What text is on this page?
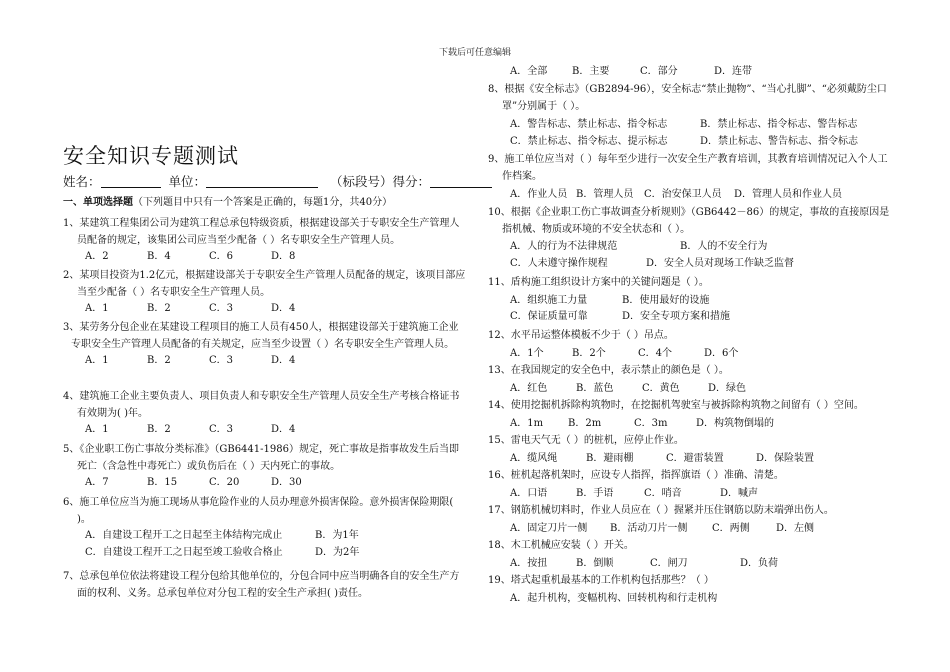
下载后可任意编辑
安全知识专题测试
姓名：	单位：	（标段号）得分：
一、单项选择题（下列题目中只有一个答案是正确的，每题1分，共40分）
1、某建筑工程集团公司为建筑工程总承包特级资质，根据建设部关于专职安全生产管理人员配备的规定，该集团公司应当至少配备（ ）名专职安全生产管理人员。
A．2	B．4	C．6	D．8
2、某项目投资为1.2亿元，根据建设部关于专职安全生产管理人员配备的规定，该项目部应当至少配备（ ）名专职安全生产管理人员。
A．1	B．2	C．3	D．4
3、某劳务分包企业在某建设工程项目的施工人员有450人，根据建设部关于建筑施工企业
专职安全生产管理人员配备的有关规定，应当至少设置（ ）名专职安全生产管理人员。
A．1	B．2	C．3	D．4
4、建筑施工企业主要负责人、项目负责人和专职安全生产管理人员安全生产考核合格证书有效期为( )年。
A．1	B．2	C．3	D．4
5、《企业职工伤亡事故分类标准》（GB6441-1986）规定，死亡事故是指事故发生后当即死亡（含急性中毒死亡）或负伤后在（ ）天内死亡的事故。
A．7	B．15	C．20	D．30
6、施工单位应当为施工现场从事危险作业的人员办理意外损害保险。意外损害保险期限( )。
A．自建设工程开工之日起至主体结构完成止	B．为1年
C．自建设工程开工之日起至竣工验收合格止	D．为2年
7、总承包单位依法将建设工程分包给其他单位的，分包合同中应当明确各自的安全生产方面的权利、义务。总承包单位对分包工程的安全生产承担( )责任。
A．全部	B．主要	C．部分	D．连带
8、根据《安全标志》（GB2894-96），安全标志“禁止抛物”、“当心扎脚”、“必须戴防尘口罩”分别属于（ ）。
A．警告标志、禁止标志、指令标志	B．禁止标志、指令标志、警告标志
C．禁止标志、指令标志、提示标志	D．禁止标志、警告标志、指令标志
9、施工单位应当对（ ）每年至少进行一次安全生产教育培训，其教育培训情况记入个人工作档案。
A．作业人员 B．管理人员	C．治安保卫人员	D．管理人员和作业人员
10、根据《企业职工伤亡事故调查分析规则》（GB6442－86）的规定，事故的直接原因是指机械、物质或环境的不安全状态和（ ）。
A．人的行为不法律规范	B．人的不安全行为
C．人未遵守操作规程	D．安全人员对现场工作缺乏监督
11、盾构施工组织设计方案中的关键问题是（ ）。
A．组织施工力量	B．使用最好的设施
C．保证质量可靠	D．安全专项方案和措施
12、水平吊运整体模板不少于（ ）吊点。
A．1个	B．2个	C．4个	D．6个
13、在我国规定的安全色中，表示禁止的颜色是（ ）。
A．红色	B．蓝色	C．黄色	D．绿色
14、使用挖掘机拆除构筑物时，在挖掘机驾驶室与被拆除构筑物之间留有（ ）空间。
A．1m	B．2m	C．3m	D．构筑物倒塌的
15、雷电天气无（ ）的桩机，应停止作业。
A．缆风绳	B．避雨棚	C．避雷装置	D．保险装置
16、桩机起落机架时，应设专人指挥，指挥旗语（ ）准确、清楚。
A．口语	B．手语	C．哨音	D．喊声
17、钢筋机械切料时，作业人员应在（ ）握紧并压住钢筋以防末端弹出伤人。
A．固定刀片一侧	B．活动刀片一侧	C．两侧	D．左侧
18、木工机械应安装（ ）开关。
A．按扭	B．倒顺	C．闸刀	D．负荷
19、塔式起重机最基本的工作机构包括那些？（ ）
A．起升机构，变幅机构、回转机构和行走机构
